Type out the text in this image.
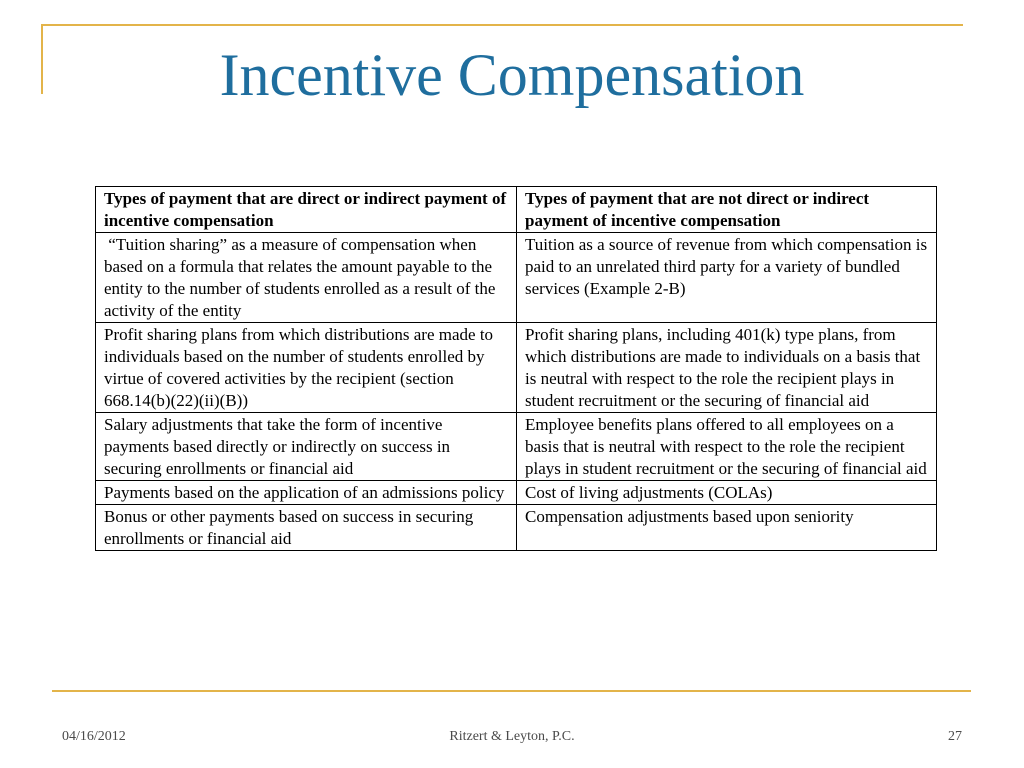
Incentive Compensation
Types of payment that are direct or indirect payment of incentive compensation	Types of payment that are not direct or indirect payment of incentive compensation
“Tuition sharing” as a measure of compensation when based on a formula that relates the amount payable to the entity to the number of students enrolled as a result of the activity of the entity	Tuition as a source of revenue from which compensation is paid to an unrelated third party for a variety of bundled services (Example 2-B)
Profit sharing plans from which distributions are made to individuals based on the number of students enrolled by virtue of covered activities by the recipient (section 668.14(b)(22)(ii)(B))	Profit sharing plans, including 401(k) type plans, from which distributions are made to individuals on a basis that is neutral with respect to the role the recipient plays in student recruitment or the securing of financial aid
Salary adjustments that take the form of incentive payments based directly or indirectly on success in securing enrollments or financial aid	Employee benefits plans offered to all employees on a basis that is neutral with respect to the role the recipient plays in student recruitment or the securing of financial aid
Payments based on the application of an admissions policy	Cost of living adjustments (COLAs)
Bonus or other payments based on success in securing enrollments or financial aid	Compensation adjustments based upon seniority
04/16/2012	Ritzert & Leyton, P.C.	27
